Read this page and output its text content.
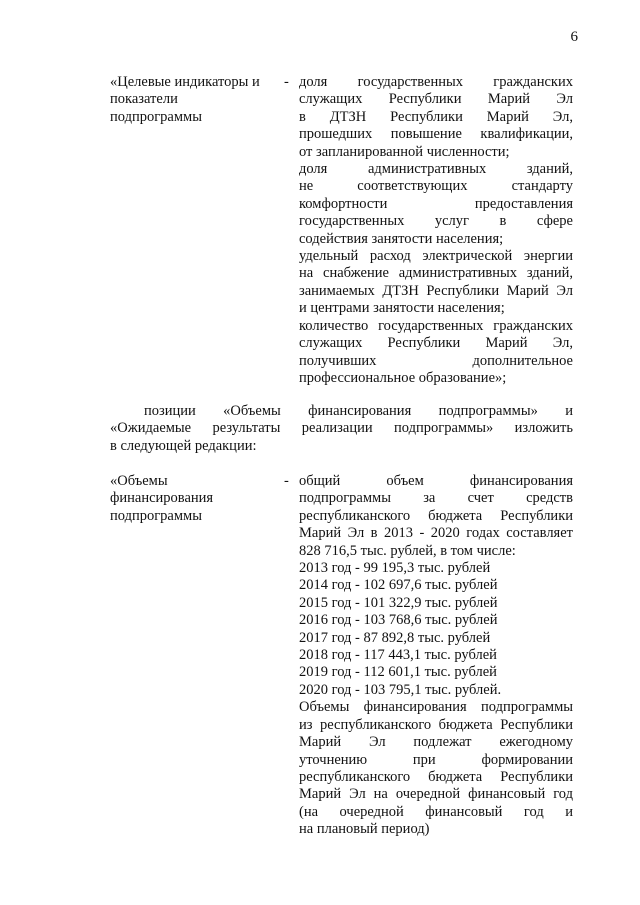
6
«Целевые индикаторы и
показатели
подпрограммы
- доля государственных гражданских
служащих Республики Марий Эл
в ДТЗН Республики Марий Эл,
прошедших повышение квалификации,
от запланированной численности;
доля административных зданий,
не соответствующих стандарту
комфортности предоставления
государственных услуг в сфере
содействия занятости населения;
удельный расход электрической энергии
на снабжение административных зданий,
занимаемых ДТЗН Республики Марий Эл
и центрами занятости населения;
количество государственных гражданских
служащих Республики Марий Эл,
получивших дополнительное
профессиональное образование»;
позиции «Объемы финансирования подпрограммы» и
«Ожидаемые результаты реализации подпрограммы» изложить
в следующей редакции:
«Объемы
финансирования
подпрограммы
- общий объем финансирования
подпрограммы за счет средств
республиканского бюджета Республики
Марий Эл в 2013 - 2020 годах составляет
828 716,5 тыс. рублей, в том числе:
2013 год - 99 195,3 тыс. рублей
2014 год - 102 697,6 тыс. рублей
2015 год - 101 322,9 тыс. рублей
2016 год - 103 768,6 тыс. рублей
2017 год - 87 892,8 тыс. рублей
2018 год - 117 443,1 тыс. рублей
2019 год - 112 601,1 тыс. рублей
2020 год - 103 795,1 тыс. рублей.
Объемы финансирования подпрограммы
из республиканского бюджета Республики
Марий Эл подлежат ежегодному
уточнению при формировании
республиканского бюджета Республики
Марий Эл на очередной финансовый год
(на очередной финансовый год и
на плановый период)
